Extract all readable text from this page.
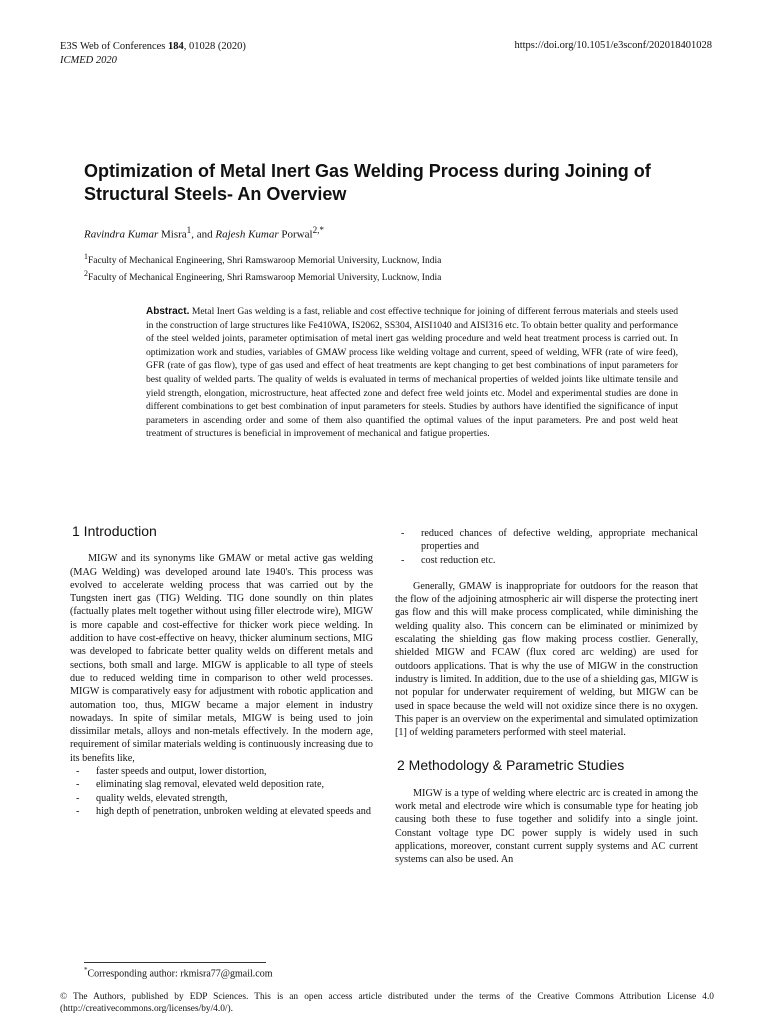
E3S Web of Conferences 184, 01028 (2020)
ICMED 2020
https://doi.org/10.1051/e3sconf/202018401028
Optimization of Metal Inert Gas Welding Process during Joining of Structural Steels- An Overview
Ravindra Kumar Misra$^1$, and Rajesh Kumar Porwal$^{2,*}$
$^1$Faculty of Mechanical Engineering, Shri Ramswaroop Memorial University, Lucknow, India
$^2$Faculty of Mechanical Engineering, Shri Ramswaroop Memorial University, Lucknow, India
Abstract. Metal Inert Gas welding is a fast, reliable and cost effective technique for joining of different ferrous materials and steels used in the construction of large structures like Fe410WA, IS2062, SS304, AISI1040 and AISI316 etc. To obtain better quality and performance of the steel welded joints, parameter optimisation of metal inert gas welding procedure and weld heat treatment process is carried out. In optimization work and studies, variables of GMAW process like welding voltage and current, speed of welding, WFR (rate of wire feed), GFR (rate of gas flow), type of gas used and effect of heat treatments are kept changing to get best combinations of input parameters for best quality of welded parts. The quality of welds is evaluated in terms of mechanical properties of welded joints like ultimate tensile and yield strength, elongation, microstructure, heat affected zone and defect free weld joints etc. Model and experimental studies are done in different combinations to get best combination of input parameters for steels. Studies by authors have identified the significance of input parameters in ascending order and some of them also quantified the optimal values of the input parameters. Pre and post weld heat treatment of structures is beneficial in improvement of mechanical and fatigue properties.
1 Introduction

MIGW and its synonyms like GMAW or metal active gas welding (MAG Welding) was developed around late 1940's. This process was evolved to accelerate welding process that was carried out by the Tungsten inert gas (TIG) Welding. TIG done soundly on thin plates (factually plates melt together without using filler electrode wire), MIGW is more capable and cost-effective for thicker work piece welding. In addition to have cost-effective on heavy, thicker aluminum sections, MIG was developed to fabricate better quality welds on different metals and sections, both small and large. MIGW is applicable to all type of steels due to reduced welding time in comparison to other weld processes. MIGW is comparatively easy for adjustment with robotic application and automation too, thus, MIGW became a major element in industry nowadays. In spite of similar metals, MIGW is being used to join dissimilar metals, alloys and non-metals effectively. In the modern age, requirement of similar materials welding is continuously increasing due to its benefits like,

- faster speeds and output, lower distortion,
- eliminating slag removal, elevated weld deposition rate,
- quality welds, elevated strength,
- high depth of penetration, unbroken welding at elevated speeds and
- reduced chances of defective welding, appropriate mechanical properties and
- cost reduction etc.

Generally, GMAW is inappropriate for outdoors for the reason that the flow of the adjoining atmospheric air will disperse the protecting inert gas flow and this will make process complicated, while diminishing the welding quality also. This concern can be eliminated or minimized by escalating the shielding gas flow making process costlier. Generally, shielded MIGW and FCAW (flux cored arc welding) are used for outdoors applications. That is why the use of MIGW in the construction industry is limited. In addition, due to the use of a shielding gas, MIGW is not popular for underwater requirement of welding, but MIGW can be used in space because the weld will not oxidize since there is no oxygen. This paper is an overview on the experimental and simulated optimization [1] of welding parameters performed with steel material.

2 Methodology & Parametric Studies

MIGW is a type of welding where electric arc is created in among the work metal and electrode wire which is consumable type for heating job causing both these to fuse together and solidify into a single joint. Constant voltage type DC power supply is widely used in such applications, moreover, constant current supply systems and AC current systems can also be used. An

*Corresponding author: rkmisra77@gmail.com
© The Authors, published by EDP Sciences. This is an open access article distributed under the terms of the Creative Commons Attribution License 4.0 (http://creativecommons.org/licenses/by/4.0/).
